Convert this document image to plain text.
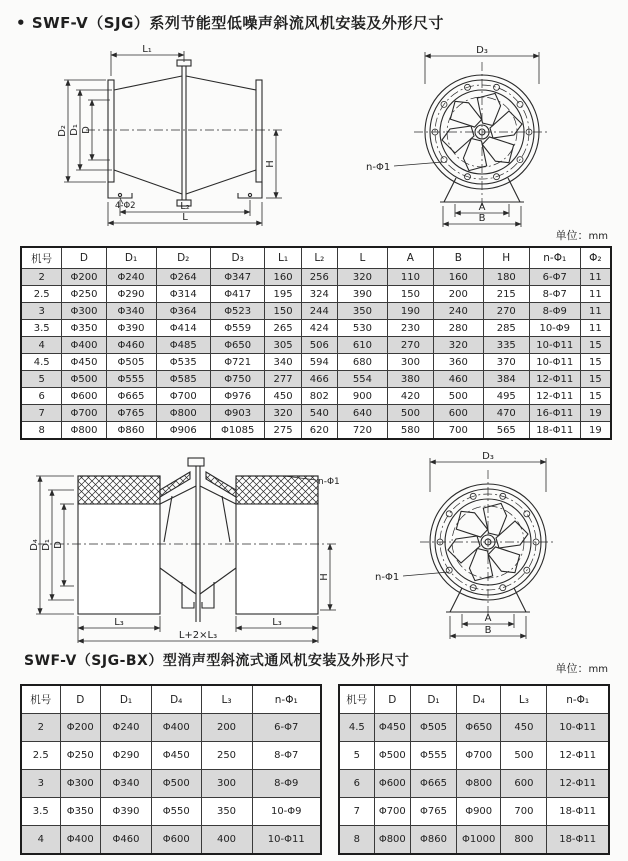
• SWF-V（SJG）系列节能型低噪声斜流风机安装及外形尺寸
L₁
D₂ D₁ D
H
4-Φ2	L₂
L
D₃
n-Φ1
A
B
单位：mm
机号	D	D₁	D₂	D₃	L₁	L₂	L	A	B	H	n-Φ₁	Φ₂
2	Φ200	Φ240	Φ264	Φ347	160	256	320	110	160	180	6-Φ7	11
2.5	Φ250	Φ290	Φ314	Φ417	195	324	390	150	200	215	8-Φ7	11
3	Φ300	Φ340	Φ364	Φ523	150	244	350	190	240	270	8-Φ9	11
3.5	Φ350	Φ390	Φ414	Φ559	265	424	530	230	280	285	10-Φ9	11
4	Φ400	Φ460	Φ485	Φ650	305	506	610	270	320	335	10-Φ11	15
4.5	Φ450	Φ505	Φ535	Φ721	340	594	680	300	360	370	10-Φ11	15
5	Φ500	Φ555	Φ585	Φ750	277	466	554	380	460	384	12-Φ11	15
6	Φ600	Φ665	Φ700	Φ976	450	802	900	420	500	495	12-Φ11	15
7	Φ700	Φ765	Φ800	Φ903	320	540	640	500	600	470	16-Φ11	19
8	Φ800	Φ860	Φ906	Φ1085	275	620	720	580	700	565	18-Φ11	19
D₄ D₁ D
n-Φ1
H
L₃	L₃
L+2×L₃
D₃
n-Φ1
A
B
SWF-V（SJG-BX）型消声型斜流式通风机安装及外形尺寸	单位：mm
机号	D	D₁	D₄	L₃	n-Φ₁
2	Φ200	Φ240	Φ400	200	6-Φ7
2.5	Φ250	Φ290	Φ450	250	8-Φ7
3	Φ300	Φ340	Φ500	300	8-Φ9
3.5	Φ350	Φ390	Φ550	350	10-Φ9
4	Φ400	Φ460	Φ600	400	10-Φ11
机号	D	D₁	D₄	L₃	n-Φ₁
4.5	Φ450	Φ505	Φ650	450	10-Φ11
5	Φ500	Φ555	Φ700	500	12-Φ11
6	Φ600	Φ665	Φ800	600	12-Φ11
7	Φ700	Φ765	Φ900	700	18-Φ11
8	Φ800	Φ860	Φ1000	800	18-Φ11
